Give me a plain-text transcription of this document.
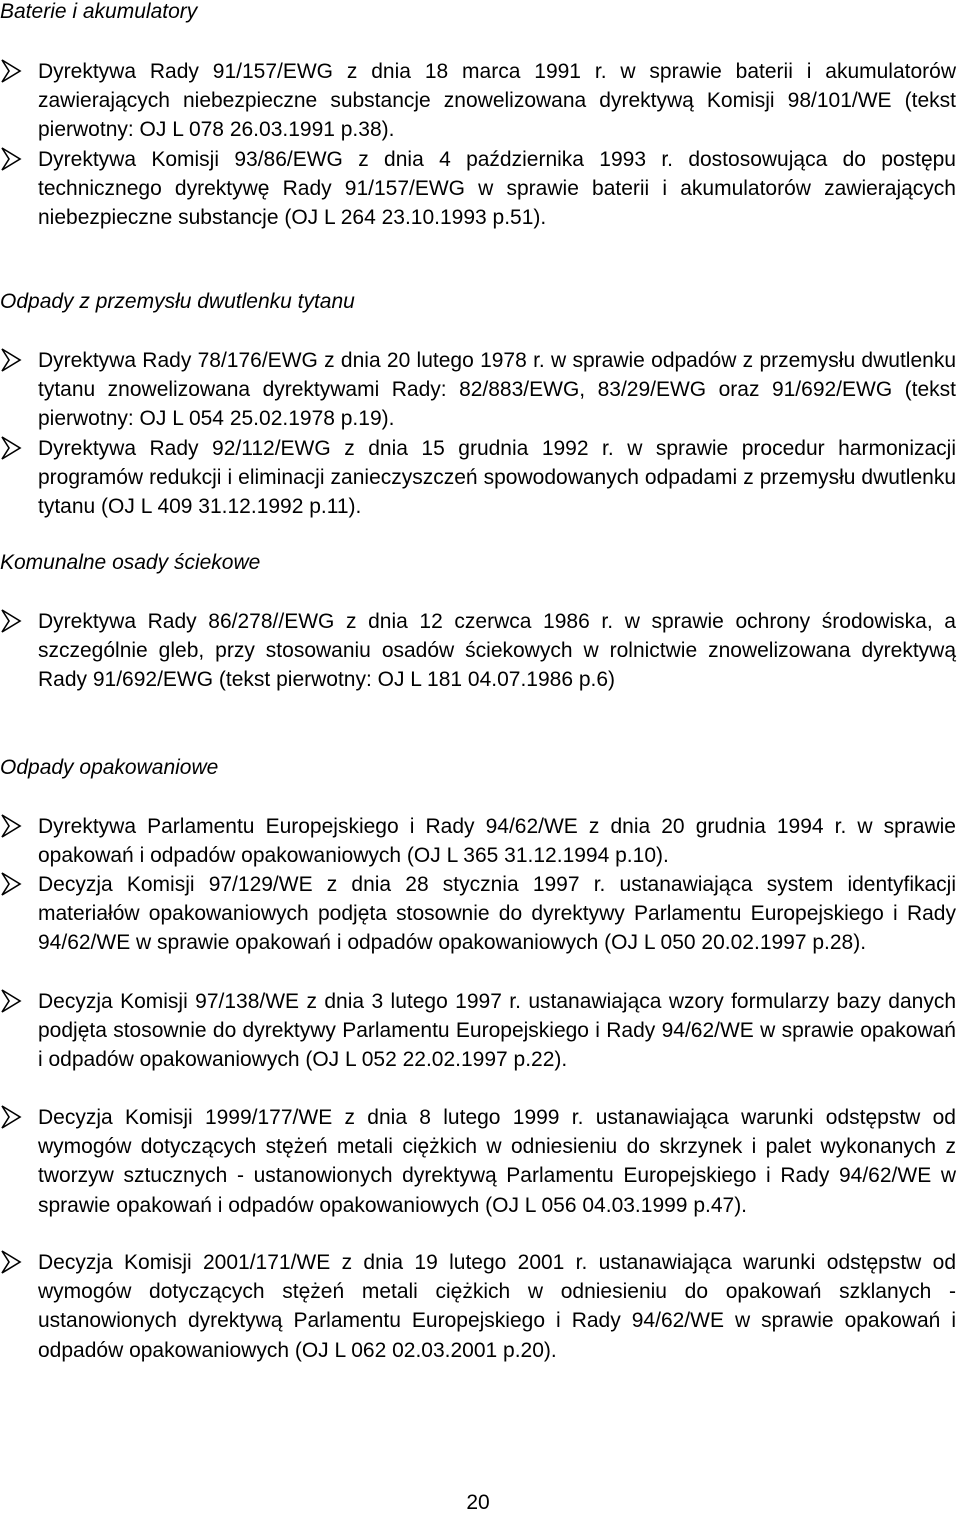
Baterie i akumulatory
Dyrektywa Rady 91/157/EWG z dnia 18 marca 1991 r. w sprawie baterii i akumulatorów zawierających niebezpieczne substancje znowelizowana dyrektywą Komisji 98/101/WE (tekst pierwotny: OJ L 078 26.03.1991 p.38).
Dyrektywa Komisji 93/86/EWG z dnia 4 października 1993 r. dostosowująca do postępu technicznego dyrektywę Rady 91/157/EWG w sprawie baterii i akumulatorów zawierających niebezpieczne substancje (OJ L 264 23.10.1993 p.51).
Odpady z przemysłu dwutlenku tytanu
Dyrektywa Rady 78/176/EWG z dnia 20 lutego 1978 r. w sprawie odpadów z przemysłu dwutlenku tytanu znowelizowana dyrektywami Rady: 82/883/EWG, 83/29/EWG oraz 91/692/EWG (tekst pierwotny: OJ L 054 25.02.1978 p.19).
Dyrektywa Rady 92/112/EWG z dnia 15 grudnia 1992 r. w sprawie procedur harmonizacji programów redukcji i eliminacji zanieczyszczeń spowodowanych odpadami z przemysłu dwutlenku tytanu (OJ L 409 31.12.1992 p.11).
Komunalne osady ściekowe
Dyrektywa Rady 86/278//EWG z dnia 12 czerwca 1986 r. w sprawie ochrony środowiska, a szczególnie gleb, przy stosowaniu osadów ściekowych w rolnictwie znowelizowana dyrektywą Rady 91/692/EWG (tekst pierwotny: OJ L 181 04.07.1986 p.6)
Odpady opakowaniowe
Dyrektywa Parlamentu Europejskiego i Rady 94/62/WE z dnia 20 grudnia 1994 r. w sprawie opakowań i odpadów opakowaniowych (OJ L 365 31.12.1994 p.10).
Decyzja Komisji 97/129/WE z dnia 28 stycznia 1997 r. ustanawiająca system identyfikacji materiałów opakowaniowych podjęta stosownie do dyrektywy Parlamentu Europejskiego i Rady 94/62/WE w sprawie opakowań i odpadów opakowaniowych (OJ L 050 20.02.1997 p.28).
Decyzja Komisji 97/138/WE z dnia 3 lutego 1997 r. ustanawiająca wzory formularzy bazy danych podjęta stosownie do dyrektywy Parlamentu Europejskiego i Rady 94/62/WE w sprawie opakowań i odpadów opakowaniowych (OJ L 052 22.02.1997 p.22).
Decyzja Komisji 1999/177/WE z dnia 8 lutego 1999 r. ustanawiająca warunki odstępstw od wymogów dotyczących stężeń metali ciężkich w odniesieniu do skrzynek i palet wykonanych z tworzyw sztucznych - ustanowionych dyrektywą Parlamentu Europejskiego i Rady 94/62/WE w sprawie opakowań i odpadów opakowaniowych (OJ L 056 04.03.1999 p.47).
Decyzja Komisji 2001/171/WE z dnia 19 lutego 2001 r. ustanawiająca warunki odstępstw od wymogów dotyczących stężeń metali ciężkich w odniesieniu do opakowań szklanych - ustanowionych dyrektywą Parlamentu Europejskiego i Rady 94/62/WE w sprawie opakowań i odpadów opakowaniowych (OJ L 062 02.03.2001 p.20).
20
